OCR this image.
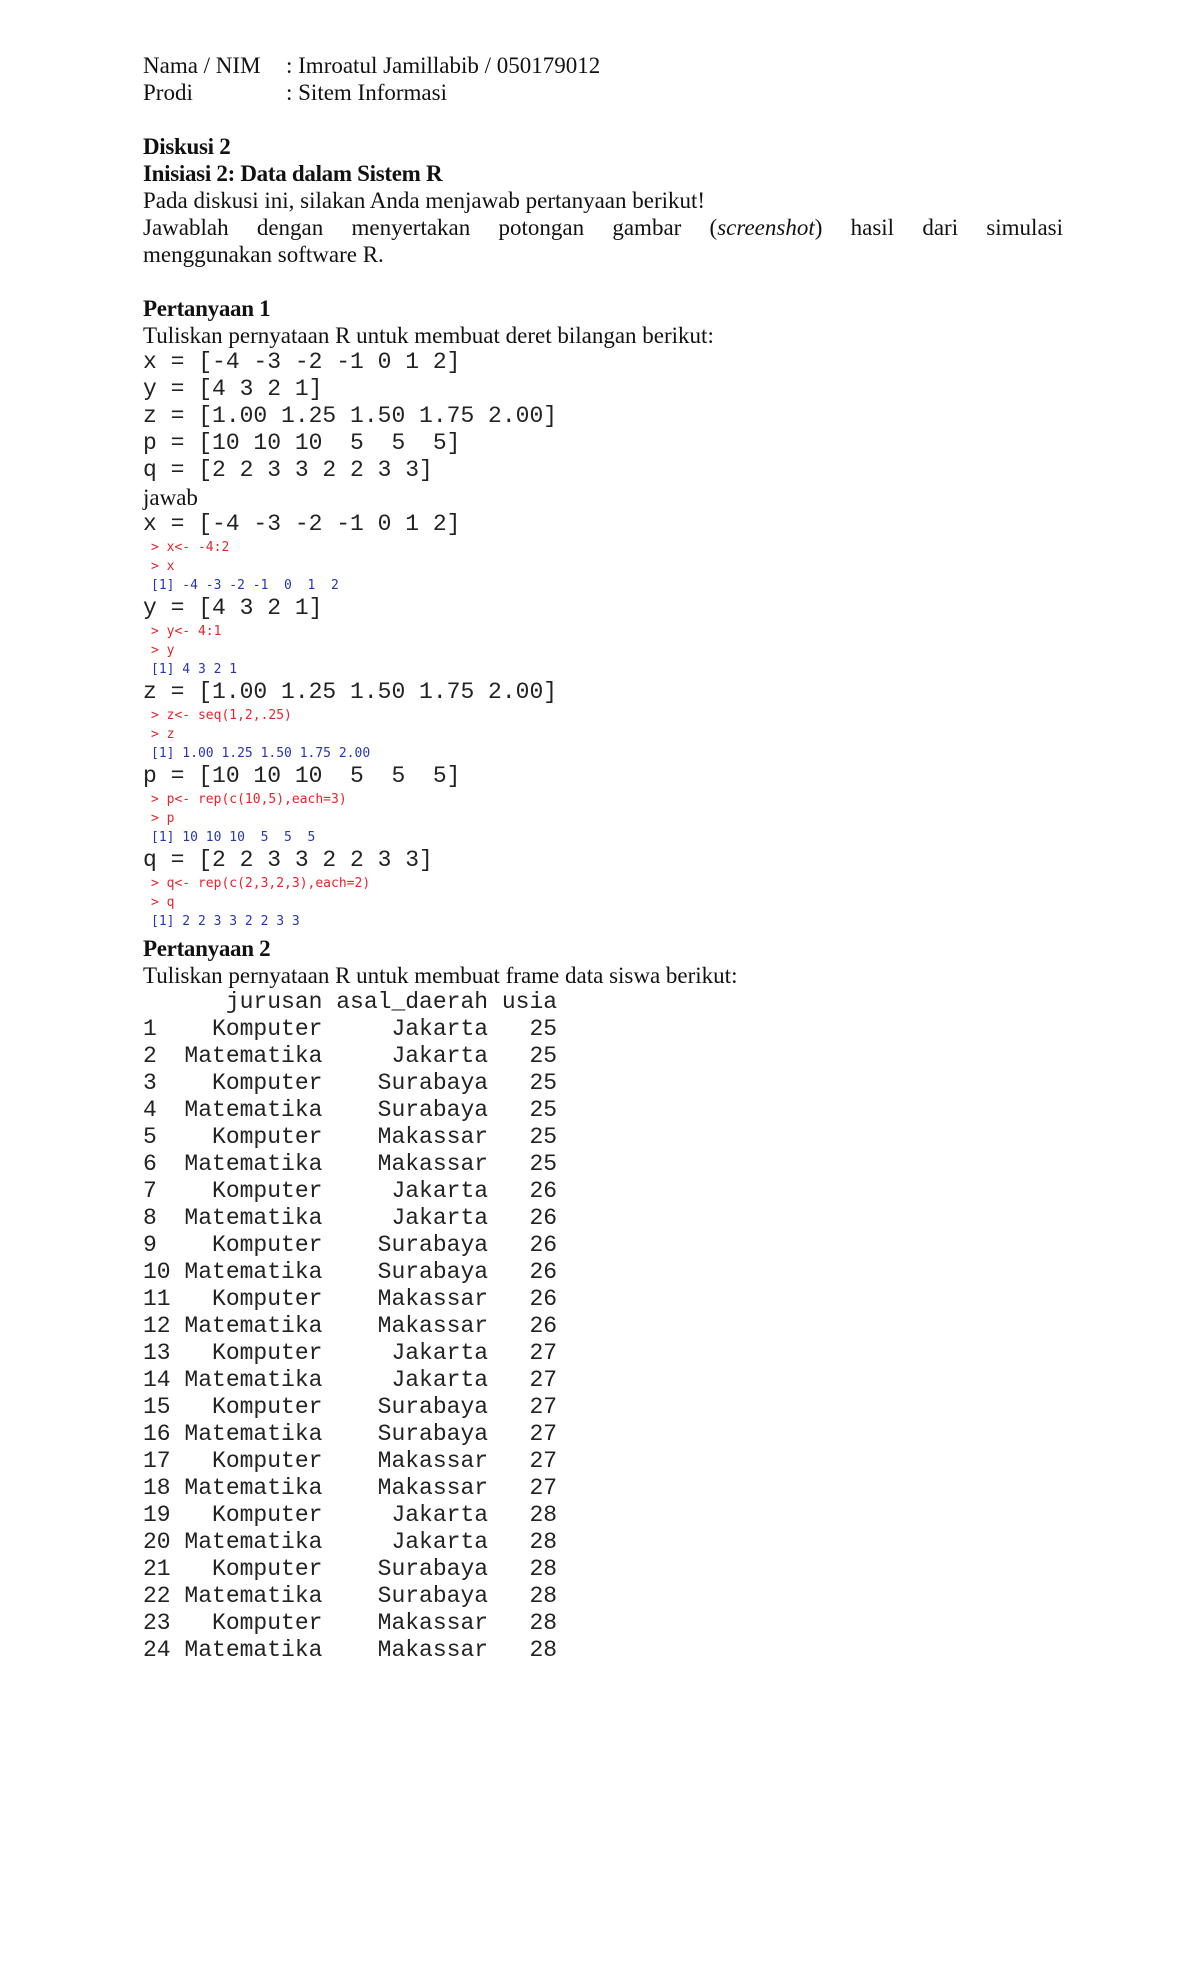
Nama / NIM	: Imroatul Jamillabib / 050179012
Prodi	: Sitem Informasi
Diskusi 2
Inisiasi 2: Data dalam Sistem R
Pada diskusi ini, silakan Anda menjawab pertanyaan berikut!
Jawablah dengan menyertakan potongan gambar (screenshot) hasil dari simulasi
menggunakan software R.
Pertanyaan 1
Tuliskan pernyataan R untuk membuat deret bilangan berikut:
x = [-4 -3 -2 -1 0 1 2]
y = [4 3 2 1]
z = [1.00 1.25 1.50 1.75 2.00]
p = [10 10 10  5  5  5]
q = [2 2 3 3 2 2 3 3]
jawab
x = [-4 -3 -2 -1 0 1 2]
> x<- -4:2
> x
[1] -4 -3 -2 -1  0  1  2
y = [4 3 2 1]
> y<- 4:1
> y
[1] 4 3 2 1
z = [1.00 1.25 1.50 1.75 2.00]
> z<- seq(1,2,.25)
> z
[1] 1.00 1.25 1.50 1.75 2.00
p = [10 10 10  5  5  5]
> p<- rep(c(10,5),each=3)
> p
[1] 10 10 10  5  5  5
q = [2 2 3 3 2 2 3 3]
> q<- rep(c(2,3,2,3),each=2)
> q
[1] 2 2 3 3 2 2 3 3
Pertanyaan 2
Tuliskan pernyataan R untuk membuat frame data siswa berikut:
jurusan asal_daerah usia
1    Komputer     Jakarta   25
2  Matematika     Jakarta   25
3    Komputer    Surabaya   25
4  Matematika    Surabaya   25
5    Komputer    Makassar   25
6  Matematika    Makassar   25
7    Komputer     Jakarta   26
8  Matematika     Jakarta   26
9    Komputer    Surabaya   26
10 Matematika    Surabaya   26
11   Komputer    Makassar   26
12 Matematika    Makassar   26
13   Komputer     Jakarta   27
14 Matematika     Jakarta   27
15   Komputer    Surabaya   27
16 Matematika    Surabaya   27
17   Komputer    Makassar   27
18 Matematika    Makassar   27
19   Komputer     Jakarta   28
20 Matematika     Jakarta   28
21   Komputer    Surabaya   28
22 Matematika    Surabaya   28
23   Komputer    Makassar   28
24 Matematika    Makassar   28
